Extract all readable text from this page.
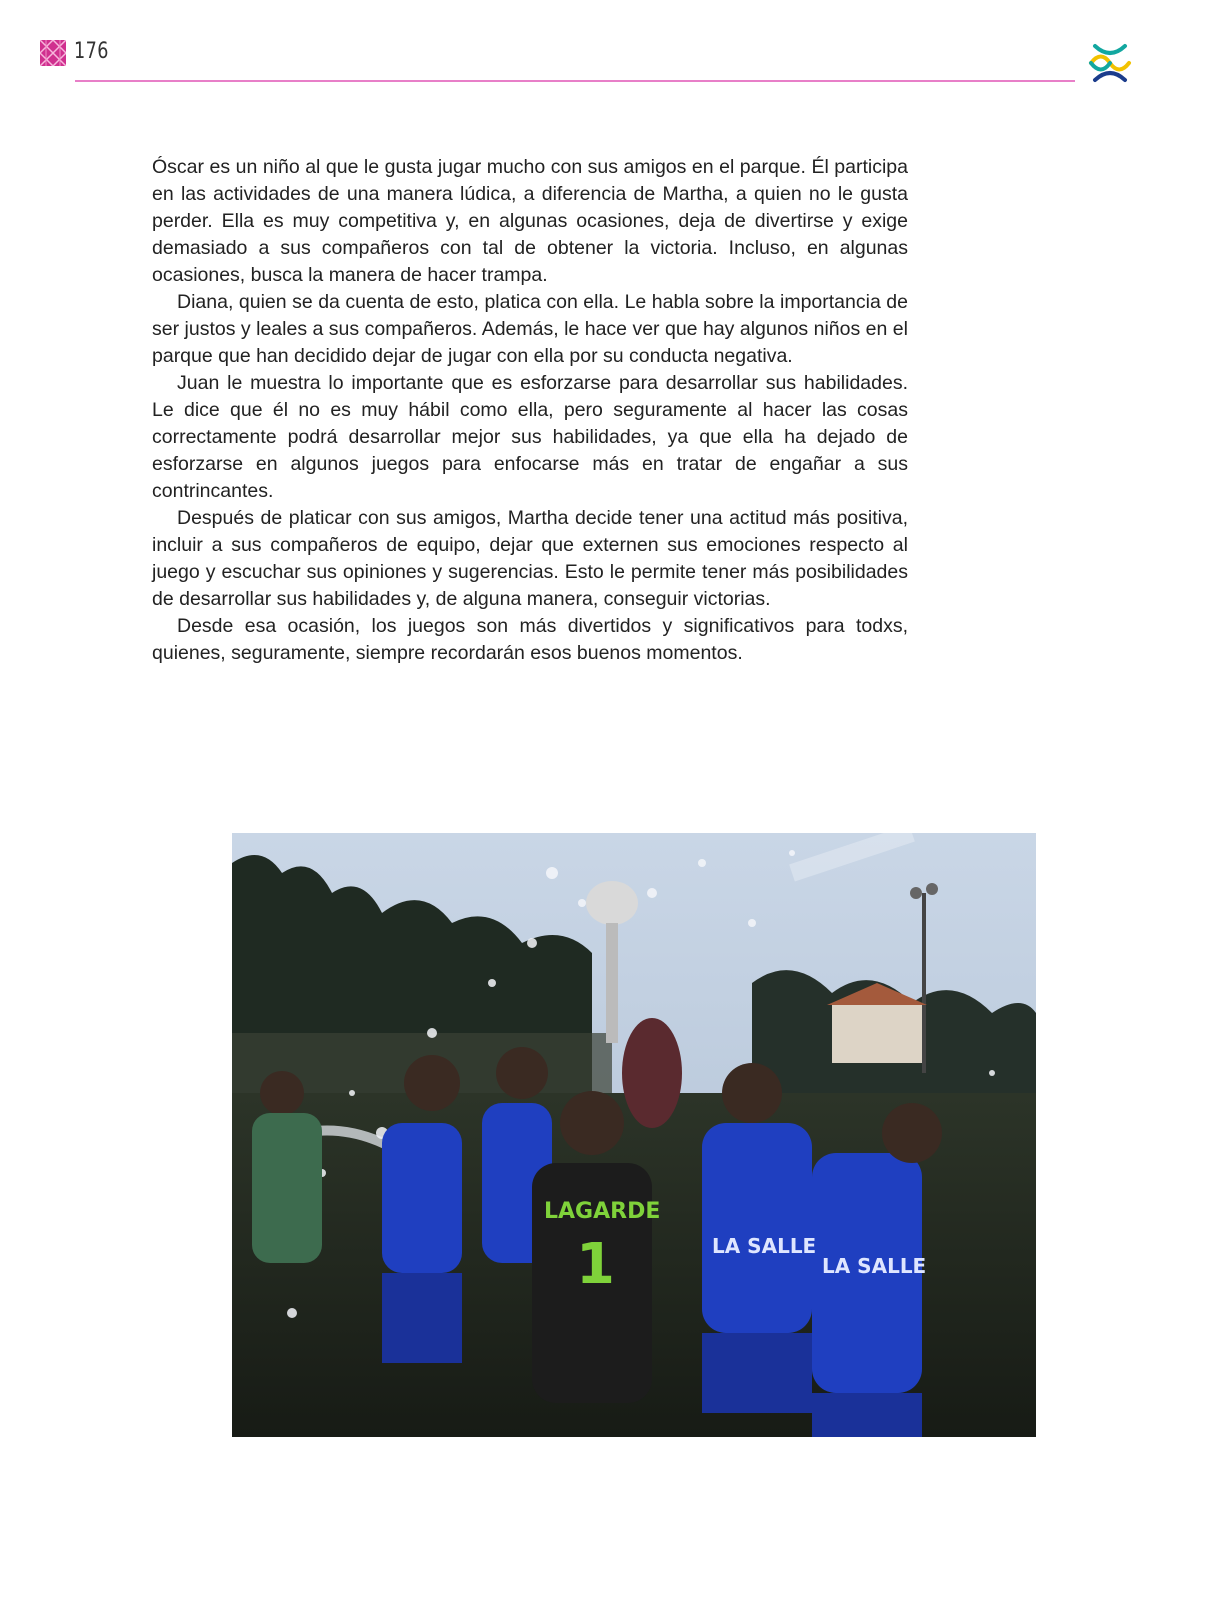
176

Óscar es un niño al que le gusta jugar mucho con sus amigos en el parque. Él participa en las actividades de una manera lúdica, a diferencia de Martha, a quien no le gusta perder. Ella es muy competitiva y, en algunas ocasiones, deja de divertirse y exige demasiado a sus compañeros con tal de obtener la victoria. Incluso, en algunas ocasiones, busca la manera de hacer trampa.

Diana, quien se da cuenta de esto, platica con ella. Le habla sobre la importancia de ser justos y leales a sus compañeros. Además, le hace ver que hay algunos niños en el parque que han decidido dejar de jugar con ella por su conducta negativa.

Juan le muestra lo importante que es esforzarse para desarrollar sus habilidades. Le dice que él no es muy hábil como ella, pero seguramente al hacer las cosas correctamente podrá desarrollar mejor sus habilidades, ya que ella ha dejado de esforzarse en algunos juegos para enfocarse más en tratar de engañar a sus contrincantes.

Después de platicar con sus amigos, Martha decide tener una actitud más positiva, incluir a sus compañeros de equipo, dejar que externen sus emociones respecto al juego y escuchar sus opiniones y sugerencias. Esto le permite tener más posibilidades de desarrollar sus habilidades y, de alguna manera, conseguir victorias.

Desde esa ocasión, los juegos son más divertidos y significativos para todxs, quienes, seguramente, siempre recordarán esos buenos momentos.

LAGARDE
1	LA SALLE
LA SALLE
